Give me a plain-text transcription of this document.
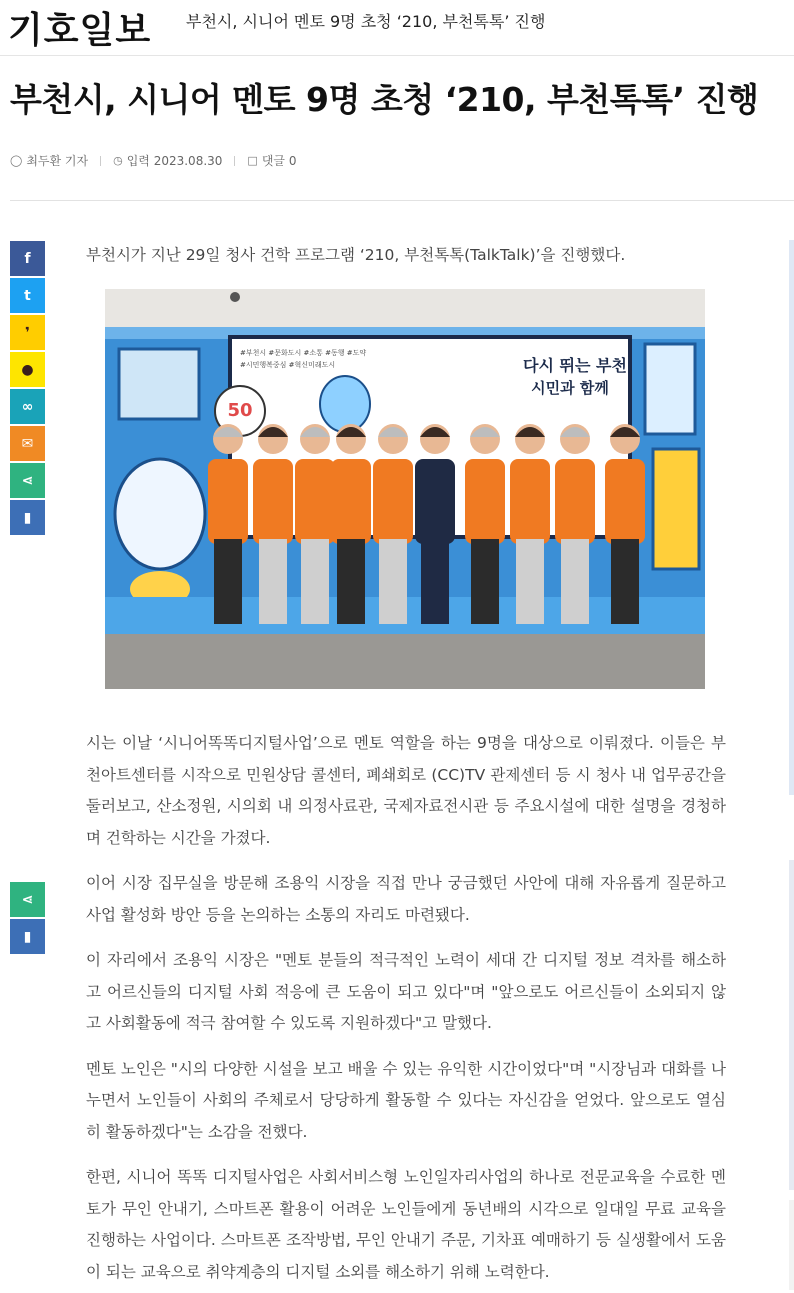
기호일보 부천시, 시니어 멘토 9명 초청 ‘210, 부천톡톡’ 진행
부천시, 시니어 멘토 9명 초청 ‘210, 부천톡톡’ 진행
◯ 최두환 기자 ◷ 입력 2023.08.30 □ 댓글 0
f
t
❜
●
∞
✉
⋖
▮
⋖
▮

부천시가 지난 29일 청사 건학 프로그램 ‘210, 부천톡톡(TalkTalk)’을 진행했다.

다시 뛰는 부천
시민과 함께
#부천시 #문화도시 #소통 #동행 #도약
#시민행복중심 #혁신미래도시
50

시는 이날 ‘시니어똑똑디지털사업’으로 멘토 역할을 하는 9명을 대상으로 이뤄졌다. 이들은 부천아트센터를 시작으로 민원상담 콜센터, 폐쇄회로 (CC)TV 관제센터 등 시 청사 내 업무공간을 둘러보고, 산소정원, 시의회 내 의정사료관, 국제자료전시관 등 주요시설에 대한 설명을 경청하며 건학하는 시간을 가졌다.

이어 시장 집무실을 방문해 조용익 시장을 직접 만나 궁금했던 사안에 대해 자유롭게 질문하고 사업 활성화 방안 등을 논의하는 소통의 자리도 마련됐다.

이 자리에서 조용익 시장은 "멘토 분들의 적극적인 노력이 세대 간 디지털 정보 격차를 해소하고 어르신들의 디지털 사회 적응에 큰 도움이 되고 있다"며 "앞으로도 어르신들이 소외되지 않고 사회활동에 적극 참여할 수 있도록 지원하겠다"고 말했다.

멘토 노인은 "시의 다양한 시설을 보고 배울 수 있는 유익한 시간이었다"며 "시장님과 대화를 나누면서 노인들이 사회의 주체로서 당당하게 활동할 수 있다는 자신감을 얻었다. 앞으로도 열심히 활동하겠다"는 소감을 전했다.

한편, 시니어 똑똑 디지털사업은 사회서비스형 노인일자리사업의 하나로 전문교육을 수료한 멘토가 무인 안내기, 스마트폰 활용이 어려운 노인들에게 동년배의 시각으로 일대일 무료 교육을 진행하는 사업이다. 스마트폰 조작방법, 무인 안내기 주문, 기차표 예매하기 등 실생활에서 도움이 되는 교육으로 취약계층의 디지털 소외를 해소하기 위해 노력한다.
